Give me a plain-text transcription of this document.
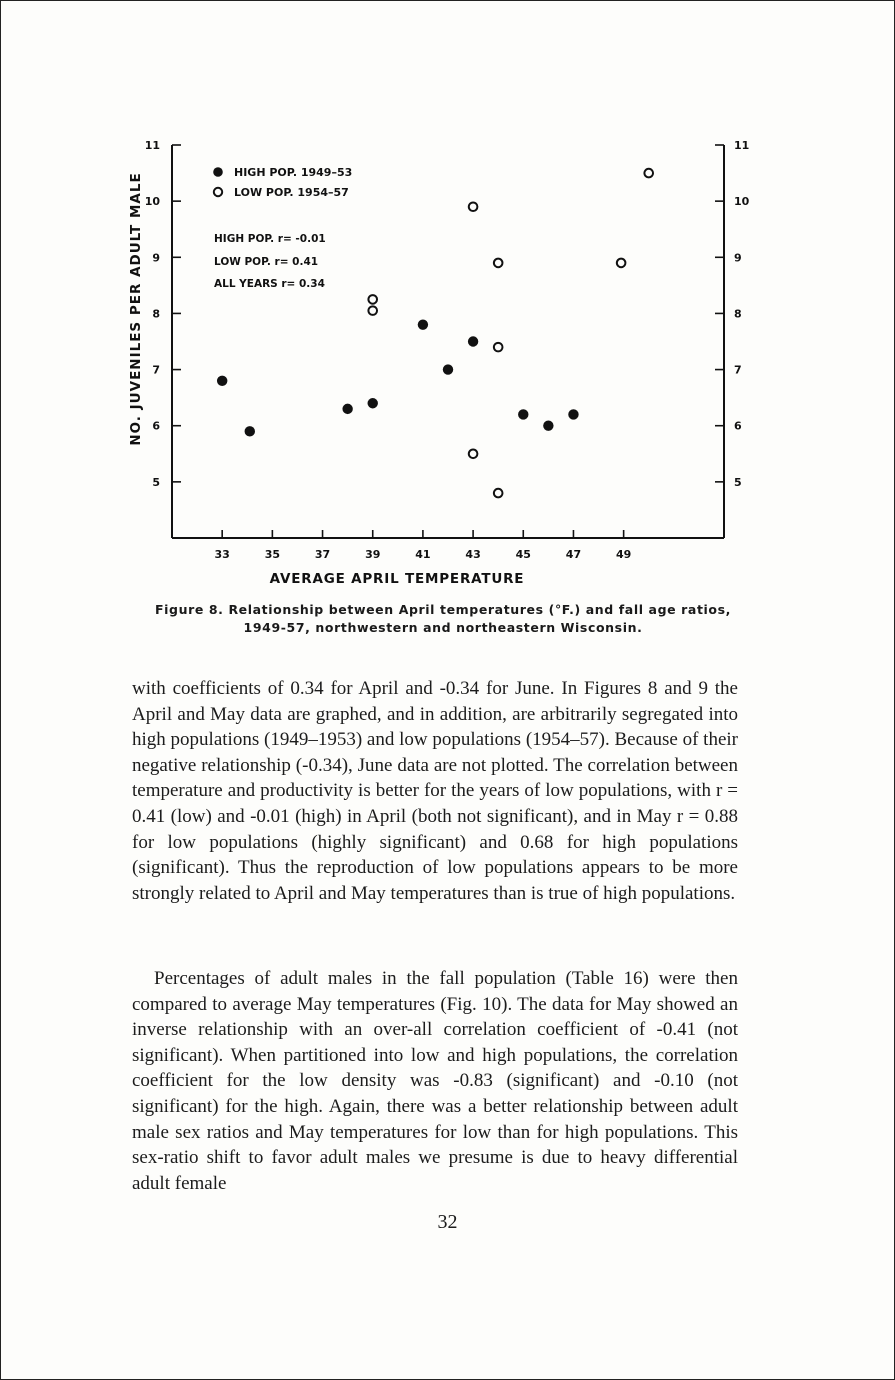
5	5
6	6
7	7
8	8
9	9
10	10
11	11
33	35	37	39	41	43	45	47	49
NO. JUVENILES PER ADULT MALE
AVERAGE APRIL TEMPERATURE
HIGH POP. 1949–53
LOW POP. 1954–57
HIGH POP. r= -0.01
LOW POP. r= 0.41
ALL YEARS r= 0.34
Figure 8. Relationship between April temperatures (°F.) and fall age ratios,
1949-57, northwestern and northeastern Wisconsin.

with coefficients of 0.34 for April and -0.34 for June. In Figures 8 and 9 the April and May data are graphed, and in addition, are arbitrarily segregated into high populations (1949–1953) and low populations (1954–57). Because of their negative relationship (-0.34), June data are not plotted. The correlation between temperature and productivity is better for the years of low populations, with r = 0.41 (low) and -0.01 (high) in April (both not significant), and in May r = 0.88 for low populations (highly significant) and 0.68 for high populations (significant). Thus the reproduction of low populations appears to be more strongly related to April and May temperatures than is true of high populations.

Percentages of adult males in the fall population (Table 16) were then compared to average May temperatures (Fig. 10). The data for May showed an inverse relationship with an over-all correlation coefficient of -0.41 (not significant). When partitioned into low and high populations, the correlation coefficient for the low density was -0.83 (significant) and -0.10 (not significant) for the high. Again, there was a better relationship between adult male sex ratios and May temperatures for low than for high populations. This sex-ratio shift to favor adult males we presume is due to heavy differential adult female

32
